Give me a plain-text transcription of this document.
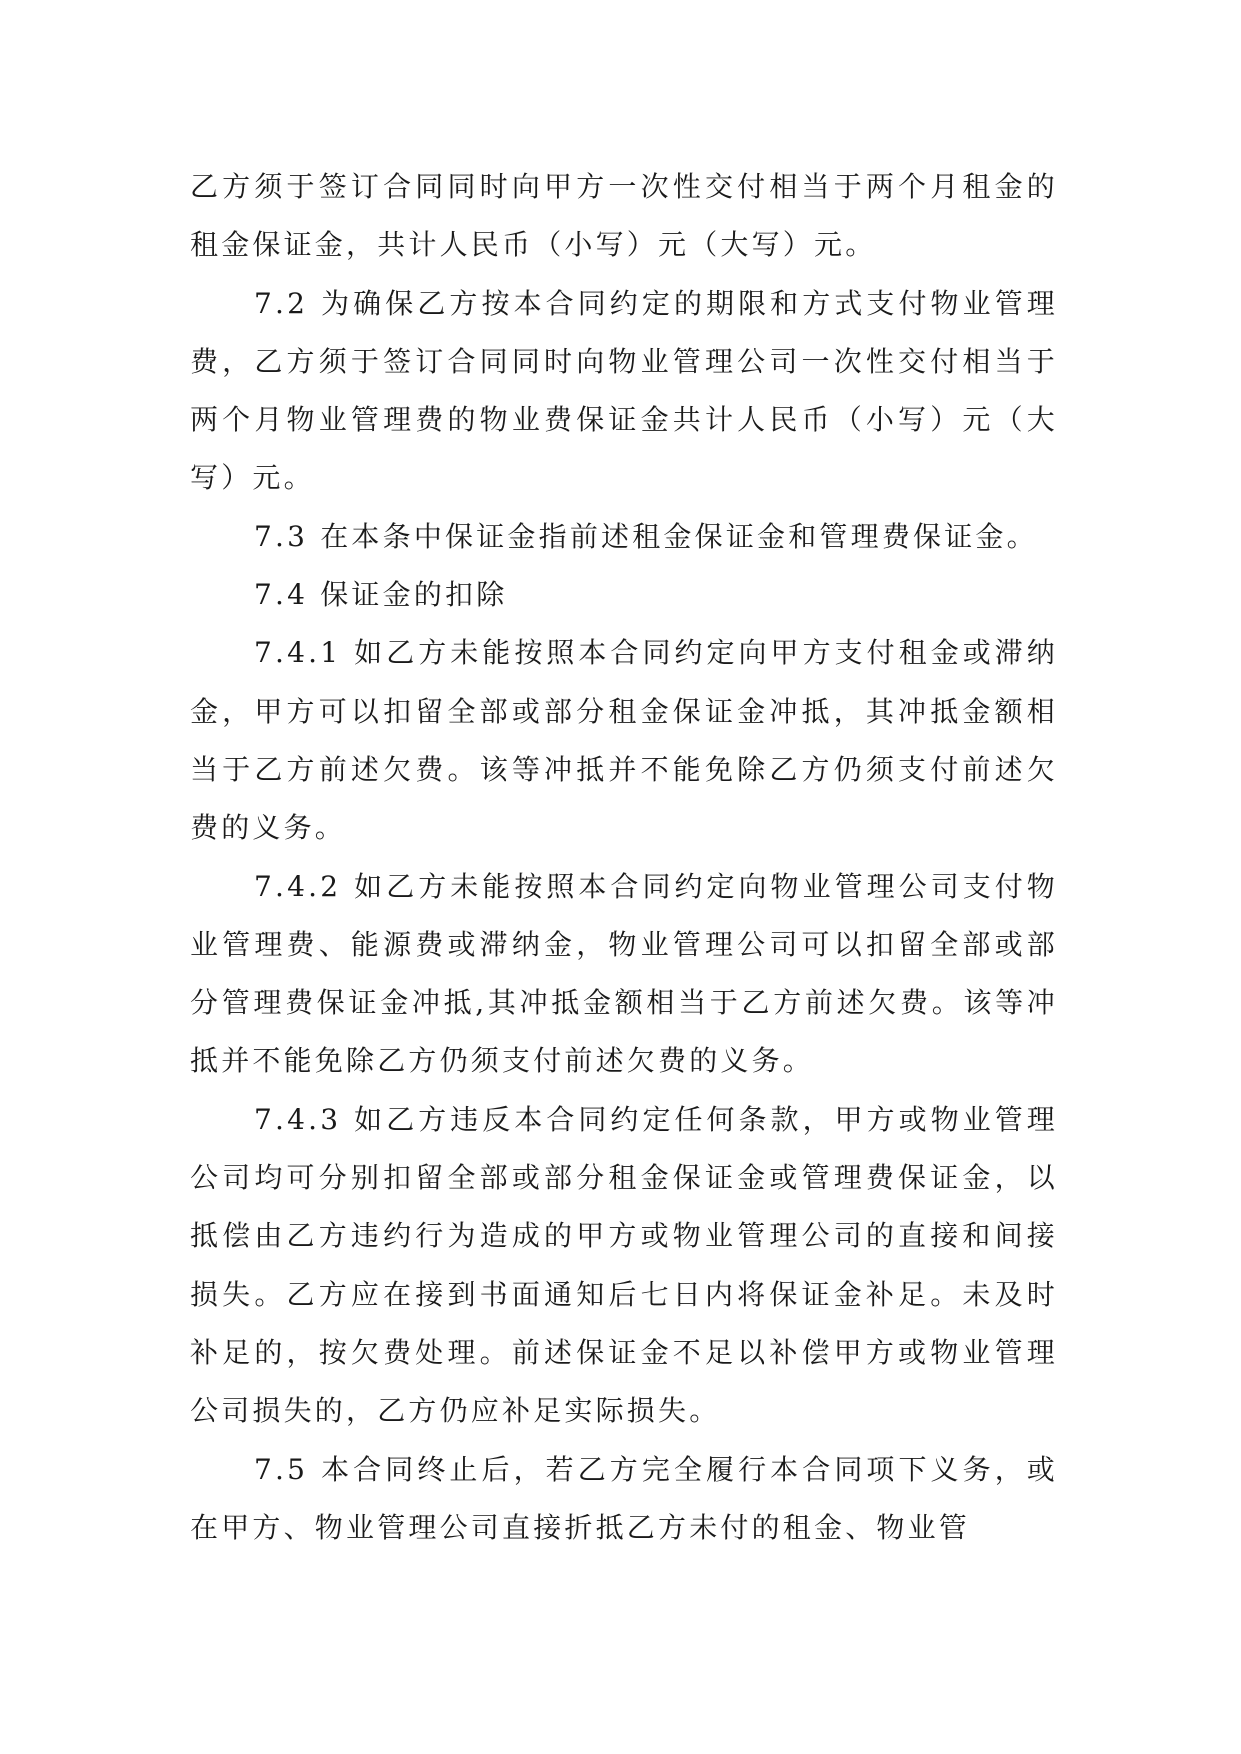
乙方须于签订合同同时向甲方一次性交付相当于两个月租金的租金保证金，共计人民币（小写）元（大写）元。

7.2 为确保乙方按本合同约定的期限和方式支付物业管理费，乙方须于签订合同同时向物业管理公司一次性交付相当于两个月物业管理费的物业费保证金共计人民币（小写）元（大写）元。

7.3 在本条中保证金指前述租金保证金和管理费保证金。

7.4 保证金的扣除

7.4.1 如乙方未能按照本合同约定向甲方支付租金或滞纳金，甲方可以扣留全部或部分租金保证金冲抵，其冲抵金额相当于乙方前述欠费。该等冲抵并不能免除乙方仍须支付前述欠费的义务。

7.4.2 如乙方未能按照本合同约定向物业管理公司支付物业管理费、能源费或滞纳金，物业管理公司可以扣留全部或部分管理费保证金冲抵,其冲抵金额相当于乙方前述欠费。该等冲抵并不能免除乙方仍须支付前述欠费的义务。

7.4.3 如乙方违反本合同约定任何条款，甲方或物业管理公司均可分别扣留全部或部分租金保证金或管理费保证金，以抵偿由乙方违约行为造成的甲方或物业管理公司的直接和间接损失。乙方应在接到书面通知后七日内将保证金补足。未及时补足的，按欠费处理。前述保证金不足以补偿甲方或物业管理公司损失的，乙方仍应补足实际损失。

7.5 本合同终止后，若乙方完全履行本合同项下义务，或在甲方、物业管理公司直接折抵乙方未付的租金、物业管
